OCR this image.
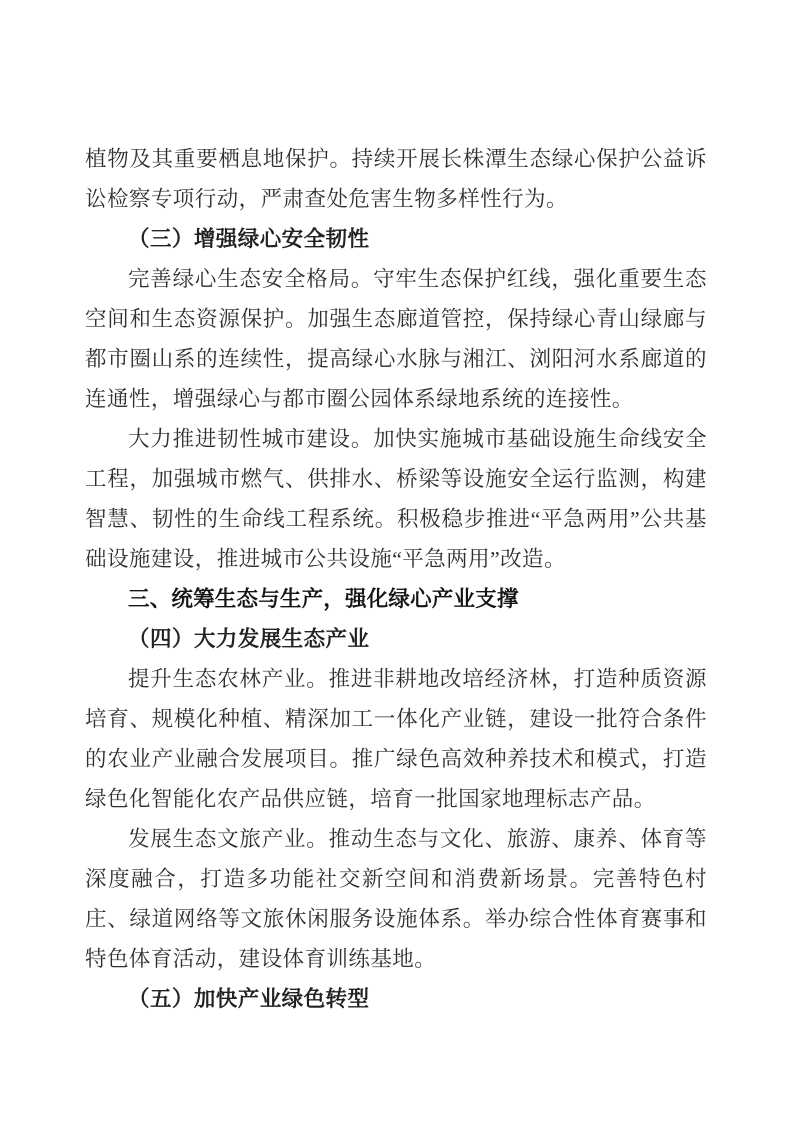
植物及其重要栖息地保护。持续开展长株潭生态绿心保护公益诉讼检察专项行动，严肃查处危害生物多样性行为。

（三）增强绿心安全韧性

完善绿心生态安全格局。守牢生态保护红线，强化重要生态空间和生态资源保护。加强生态廊道管控，保持绿心青山绿廊与都市圈山系的连续性，提高绿心水脉与湘江、浏阳河水系廊道的连通性，增强绿心与都市圈公园体系绿地系统的连接性。

大力推进韧性城市建设。加快实施城市基础设施生命线安全工程，加强城市燃气、供排水、桥梁等设施安全运行监测，构建智慧、韧性的生命线工程系统。积极稳步推进“平急两用”公共基础设施建设，推进城市公共设施“平急两用”改造。

三、统筹生态与生产，强化绿心产业支撑

（四）大力发展生态产业

提升生态农林产业。推进非耕地改培经济林，打造种质资源培育、规模化种植、精深加工一体化产业链，建设一批符合条件的农业产业融合发展项目。推广绿色高效种养技术和模式，打造绿色化智能化农产品供应链，培育一批国家地理标志产品。

发展生态文旅产业。推动生态与文化、旅游、康养、体育等深度融合，打造多功能社交新空间和消费新场景。完善特色村庄、绿道网络等文旅休闲服务设施体系。举办综合性体育赛事和特色体育活动，建设体育训练基地。

（五）加快产业绿色转型
